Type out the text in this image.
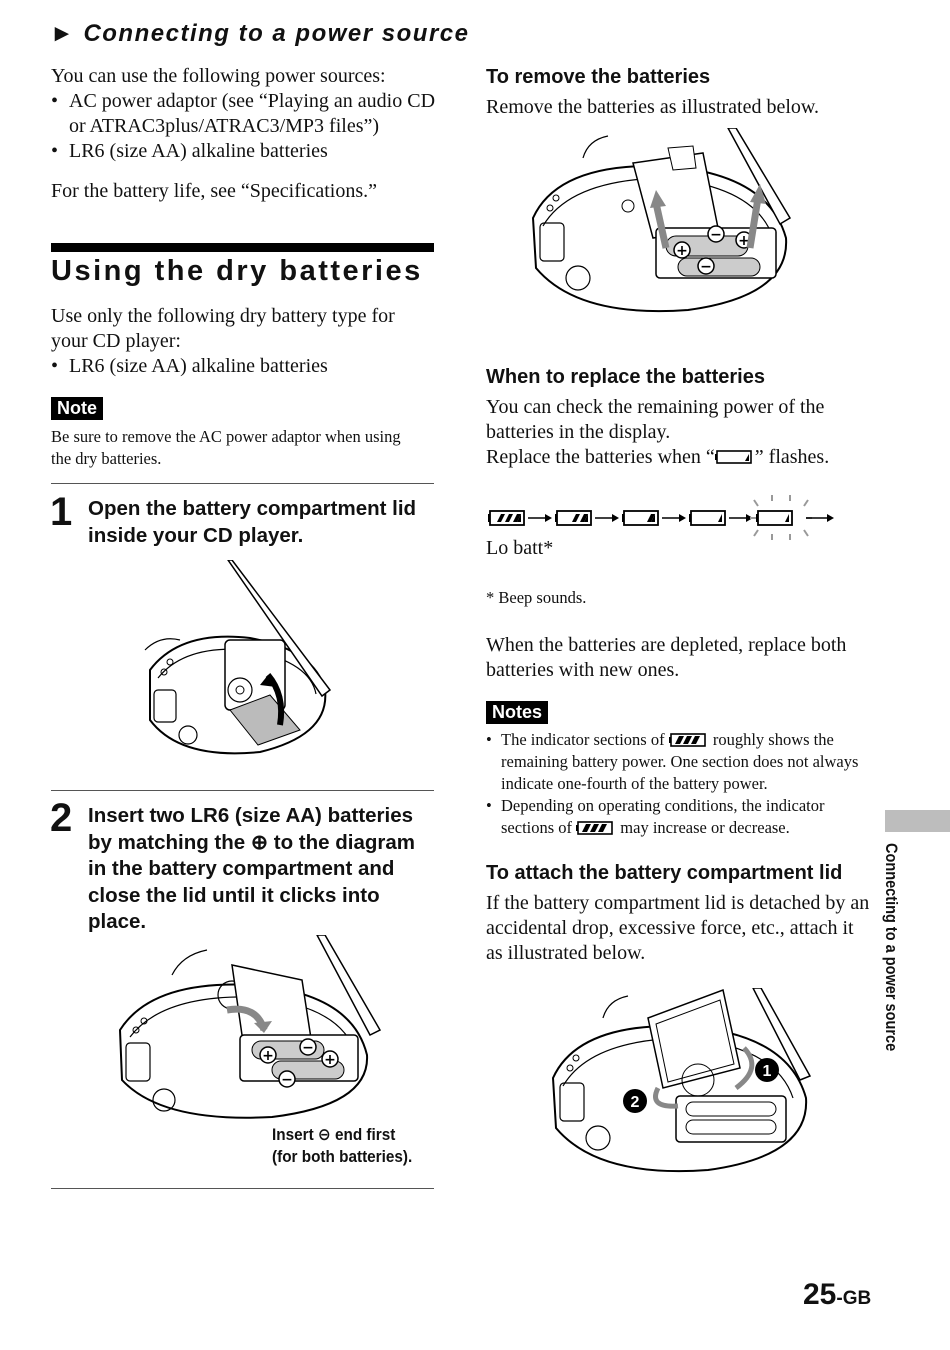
► Connecting to a power source
You can use the following power sources:
• AC power adaptor (see “Playing an audio CD or ATRAC3plus/ATRAC3/MP3 files”)
• LR6 (size AA) alkaline batteries
For the battery life, see “Specifications.”
Using the dry batteries
Use only the following dry battery type for your CD player:
• LR6 (size AA) alkaline batteries
Note
Be sure to remove the AC power adaptor when using the dry batteries.
1 Open the battery compartment lid inside your CD player.
2 Insert two LR6 (size AA) batteries by matching the ⊕ to the diagram in the battery compartment and close the lid until it clicks into place.
+ −
−
+
Insert ⊖ end first
(for both batteries).
To remove the batteries
Remove the batteries as illustrated below.
+
−
−
+
When to replace the batteries
You can check the remaining power of the batteries in the display.
Replace the batteries when “ ” flashes.
Lo batt*
* Beep sounds.
When the batteries are depleted, replace both batteries with new ones.
Notes
• The indicator sections of	roughly shows the remaining battery power. One section does not always indicate one-fourth of the battery power.
• Depending on operating conditions, the indicator sections of	may increase or decrease.
To attach the battery compartment lid
If the battery compartment lid is detached by an accidental drop, excessive force, etc., attach it as illustrated below.
1
2
Connecting to a power source
25-GB
